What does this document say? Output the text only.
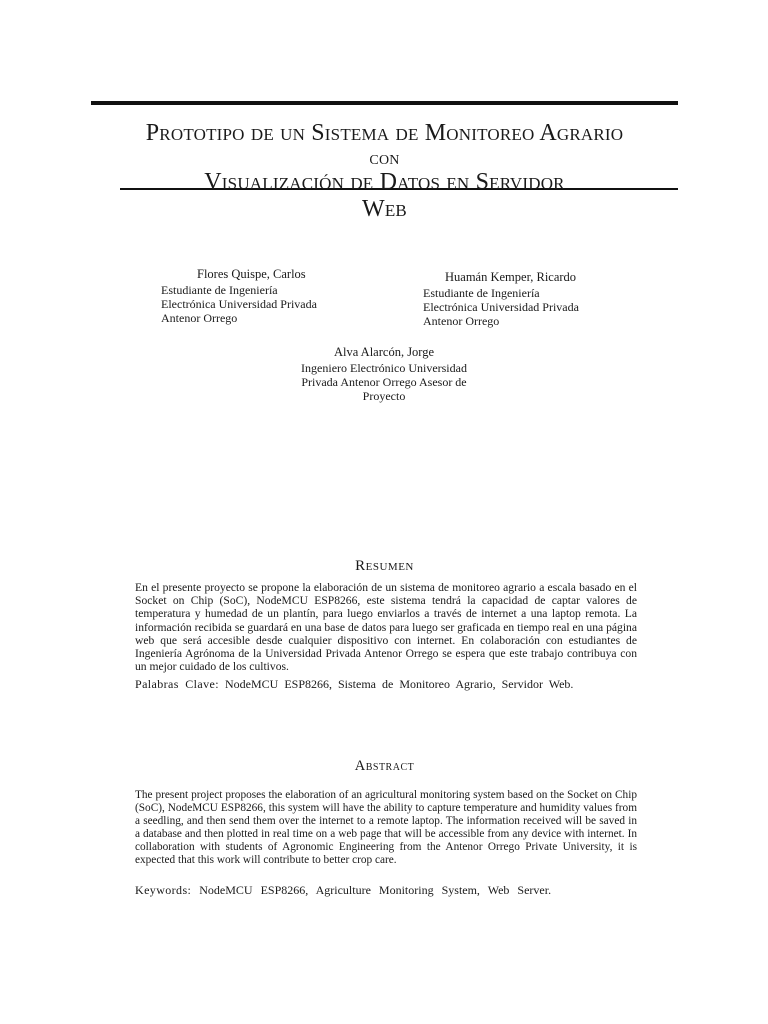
Prototipo de un Sistema de Monitoreo Agrario
con
Visualización de Datos en Servidor
Web
Flores Quispe, Carlos
Estudiante de Ingeniería
Electrónica Universidad Privada
Antenor Orrego
Huamán Kemper, Ricardo
Estudiante de Ingeniería
Electrónica Universidad Privada
Antenor Orrego
Alva Alarcón, Jorge
Ingeniero Electrónico Universidad
Privada Antenor Orrego Asesor de
Proyecto
Resumen
En el presente proyecto se propone la elaboración de un sistema de monitoreo agrario a escala basado en el Socket on Chip (SoC), NodeMCU ESP8266, este sistema tendrá la capacidad de captar valores de temperatura y humedad de un plantín, para luego enviarlos a través de internet a una laptop remota. La información recibida se guardará en una base de datos para luego ser graficada en tiempo real en una página web que será accesible desde cualquier dispositivo con internet. En colaboración con estudiantes de Ingeniería Agrónoma de la Universidad Privada Antenor Orrego se espera que este trabajo contribuya con un mejor cuidado de los cultivos.
Palabras Clave: NodeMCU ESP8266, Sistema de Monitoreo Agrario, Servidor Web.
Abstract
The present project proposes the elaboration of an agricultural monitoring system based on the Socket on Chip (SoC), NodeMCU ESP8266, this system will have the ability to capture temperature and humidity values from a seedling, and then send them over the internet to a remote laptop. The information received will be saved in a database and then plotted in real time on a web page that will be accessible from any device with internet. In collaboration with students of Agronomic Engineering from the Antenor Orrego Private University, it is expected that this work will contribute to better crop care.
Keywords: NodeMCU ESP8266, Agriculture Monitoring System, Web Server.
